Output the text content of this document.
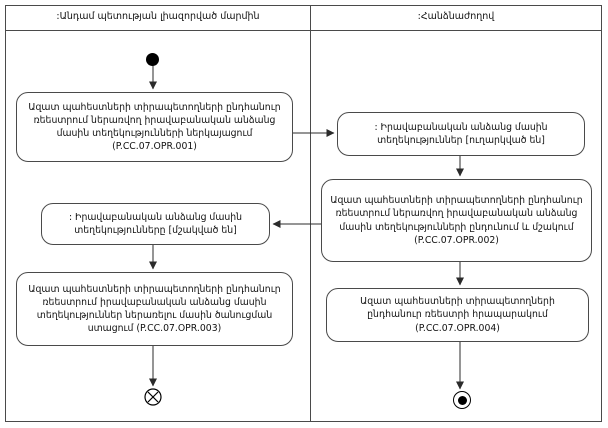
:Անդամ պետության լիազորված մարմին	:Հանձնաժողով
Ազատ պահեստների տիրապետողների ընդհանուր ռեեստրում ներառվող իրավաբանական անձանց մասին տեղեկությունների ներկայացում (P.CC.07.OPR.001)
: Իրավաբանական անձանց մասին տեղեկություններ [ուղարկված են]
Ազատ պահեստների տիրապետողների ընդհանուր ռեեստրում ներառվող իրավաբանական անձանց մասին տեղեկությունների ընդունում և մշակում (P.CC.07.OPR.002)
: Իրավաբանական անձանց մասին տեղեկությունները [մշակված են]
Ազատ պահեստների տիրապետողների ընդհանուր ռեեստրում իրավաբանական անձանց մասին տեղեկություններ ներառելու մասին ծանուցման ստացում (P.CC.07.OPR.003)
Ազատ պահեստների տիրապետողների ընդհանուր ռեեստրի հրապարակում (P.CC.07.OPR.004)
